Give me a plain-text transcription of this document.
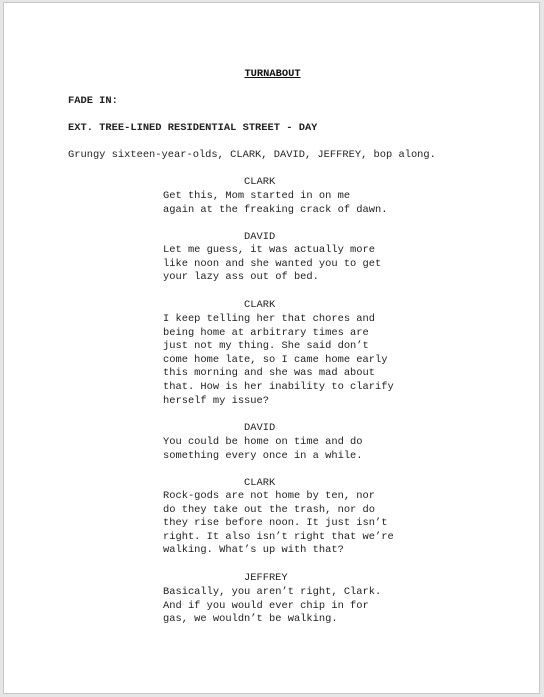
TURNABOUT
FADE IN:
EXT. TREE-LINED RESIDENTIAL STREET - DAY
Grungy sixteen-year-olds, CLARK, DAVID, JEFFREY, bop along.
CLARK
Get this, Mom started in on me
again at the freaking crack of dawn.
DAVID
Let me guess, it was actually more
like noon and she wanted you to get
your lazy ass out of bed.
CLARK
I keep telling her that chores and
being home at arbitrary times are
just not my thing. She said don’t
come home late, so I came home early
this morning and she was mad about
that. How is her inability to clarify
herself my issue?
DAVID
You could be home on time and do
something every once in a while.
CLARK
Rock-gods are not home by ten, nor
do they take out the trash, nor do
they rise before noon. It just isn’t
right. It also isn’t right that we’re
walking. What’s up with that?
JEFFREY
Basically, you aren’t right, Clark.
And if you would ever chip in for
gas, we wouldn’t be walking.
